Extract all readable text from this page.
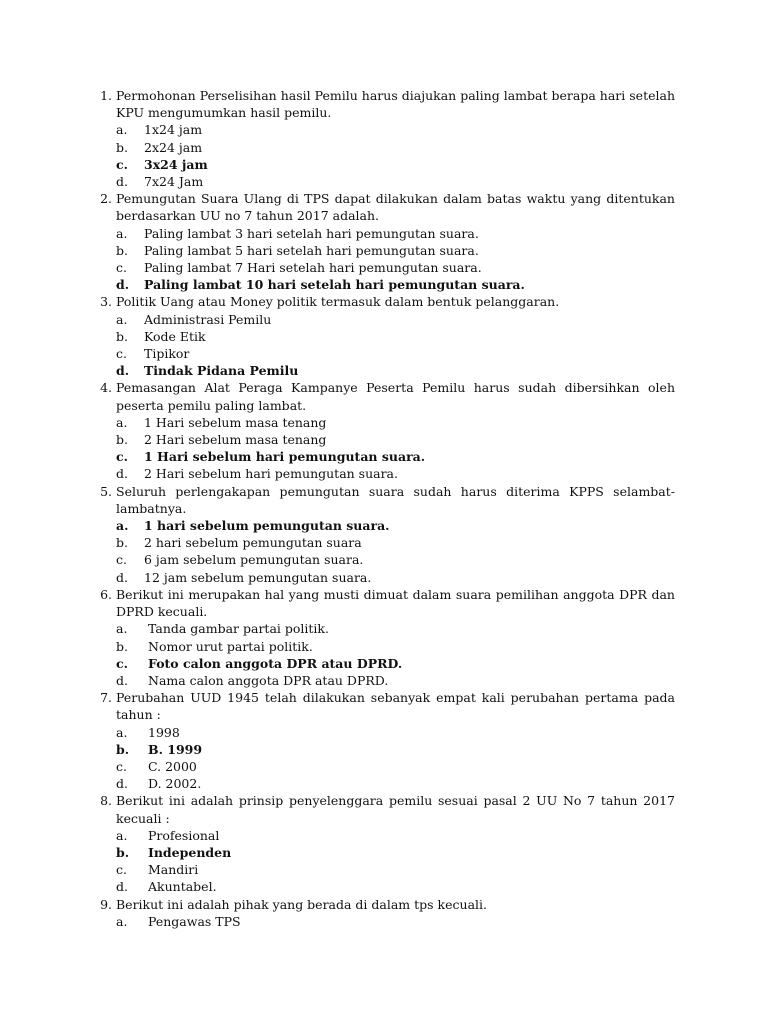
1. Permohonan Perselisihan hasil Pemilu harus diajukan paling lambat berapa hari setelah KPU mengumumkan hasil pemilu.
a. 1x24 jam
b. 2x24 jam
c. 3x24 jam
d. 7x24 Jam
2. Pemungutan Suara Ulang di TPS dapat dilakukan dalam batas waktu yang ditentukan berdasarkan UU no 7 tahun 2017 adalah.
a. Paling lambat 3 hari setelah hari pemungutan suara.
b. Paling lambat 5 hari setelah hari pemungutan suara.
c. Paling lambat 7 Hari setelah hari pemungutan suara.
d. Paling lambat 10 hari setelah hari pemungutan suara.
3. Politik Uang atau Money politik termasuk dalam bentuk pelanggaran.
a. Administrasi Pemilu
b. Kode Etik
c. Tipikor
d. Tindak Pidana Pemilu
4. Pemasangan Alat Peraga Kampanye Peserta Pemilu harus sudah dibersihkan oleh peserta pemilu paling lambat.
a. 1 Hari sebelum masa tenang
b. 2 Hari sebelum masa tenang
c. 1 Hari sebelum hari pemungutan suara.
d. 2 Hari sebelum hari pemungutan suara.
5. Seluruh perlengakapan pemungutan suara sudah harus diterima KPPS selambat-lambatnya.
a. 1 hari sebelum pemungutan suara.
b. 2 hari sebelum pemungutan suara
c. 6 jam sebelum pemungutan suara.
d. 12 jam sebelum pemungutan suara.
6. Berikut ini merupakan hal yang musti dimuat dalam suara pemilihan anggota DPR dan DPRD kecuali.
a. Tanda gambar partai politik.
b. Nomor urut partai politik.
c. Foto calon anggota DPR atau DPRD.
d. Nama calon anggota DPR atau DPRD.
7. Perubahan UUD 1945 telah dilakukan sebanyak empat kali perubahan pertama pada tahun :
a. 1998
b. B. 1999
c. C. 2000
d. D. 2002.
8. Berikut ini adalah prinsip penyelenggara pemilu sesuai pasal 2 UU No 7 tahun 2017 kecuali :
a. Profesional
b. Independen
c. Mandiri
d. Akuntabel.
9. Berikut ini adalah pihak yang berada di dalam tps kecuali.
a. Pengawas TPS
